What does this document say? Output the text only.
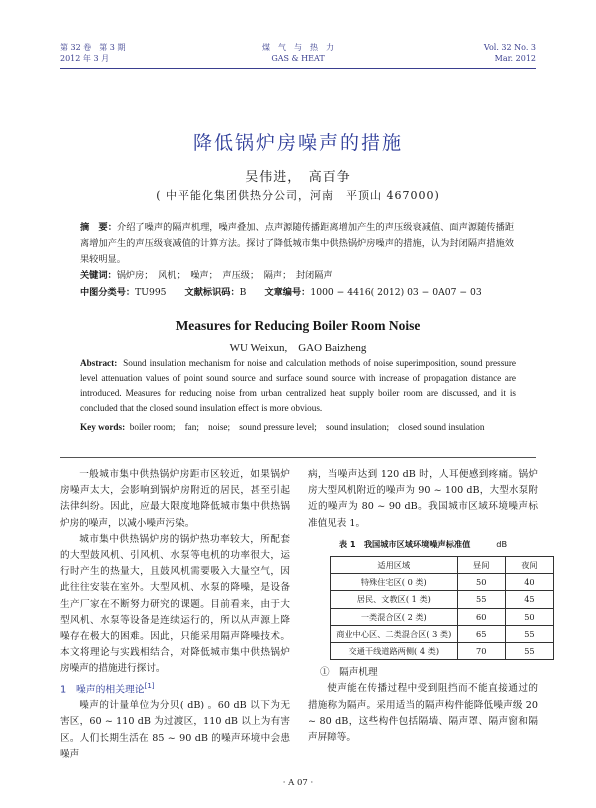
第 32 卷　第 3 期
2012 年 3 月
煤　气　与　热　力
GAS & HEAT
Vol. 32 No. 3
Mar. 2012
降低锅炉房噪声的措施
吴伟进，　高百争
( 中平能化集团供热分公司，河南　平顶山 467000)
摘　要：介绍了噪声的隔声机理，噪声叠加、点声源随传播距离增加产生的声压级衰减值、面声源随传播距离增加产生的声压级衰减值的计算方法。探讨了降低城市集中供热锅炉房噪声的措施，认为封闭隔声措施效果较明显。
关键词：锅炉房；　风机；　噪声；　声压级；　隔声；　封闭隔声
中图分类号：TU995 文献标识码：B 文章编号：1000 − 4416( 2012) 03 − 0A07 − 03
Measures for Reducing Boiler Room Noise
WU Weixun,　GAO Baizheng
Abstract: Sound insulation mechanism for noise and calculation methods of noise superimposition, sound pressure level attenuation values of point sound source and surface sound source with increase of propagation distance are introduced. Measures for reducing noise from urban centralized heat supply boiler room are discussed, and it is concluded that the closed sound insulation effect is more obvious.
Key words: boiler room;　fan;　noise;　sound pressure level;　sound insulation;　closed sound insulation

一般城市集中供热锅炉房距市区较近，如果锅炉房噪声太大，会影响到锅炉房附近的居民，甚至引起法律纠纷。因此，应最大限度地降低城市集中供热锅炉房的噪声，以减小噪声污染。

城市集中供热锅炉房的锅炉热功率较大，所配套的大型鼓风机、引风机、水泵等电机的功率很大，运行时产生的热量大，且鼓风机需要吸入大量空气，因此往往安装在室外。大型风机、水泵的降噪，是设备生产厂家在不断努力研究的课题。目前看来，由于大型风机、水泵等设备是连续运行的，所以从声源上降噪存在极大的困难。因此，只能采用隔声降噪技术。本文将理论与实践相结合，对降低城市集中供热锅炉房噪声的措施进行探讨。

1　噪声的相关理论[1]

噪声的计量单位为分贝( dB) 。60 dB 以下为无害区，60 ~ 110 dB 为过渡区，110 dB 以上为有害区。人们长期生活在 85 ~ 90 dB 的噪声环境中会患噪声

病，当噪声达到 120 dB 时，人耳便感到疼痛。锅炉房大型风机附近的噪声为 90 ~ 100 dB，大型水泵附近的噪声为 80 ~ 90 dB。我国城市区域环境噪声标准值见表 1。

表 1　我国城市区域环境噪声标准值	dB
适用区域	昼间	夜间
特殊住宅区( 0 类)	50	40
居民、文教区( 1 类)	55	45
一类混合区( 2 类)	60	50
商业中心区、二类混合区( 3 类)	65	55
交通干线道路两侧( 4 类)	70	55
①　隔声机理

使声能在传播过程中受到阻挡而不能直接通过的措施称为隔声。采用适当的隔声构件能降低噪声级 20 ~ 80 dB，这些构件包括隔墙、隔声罩、隔声窗和隔声屏障等。

· A 07 ·
